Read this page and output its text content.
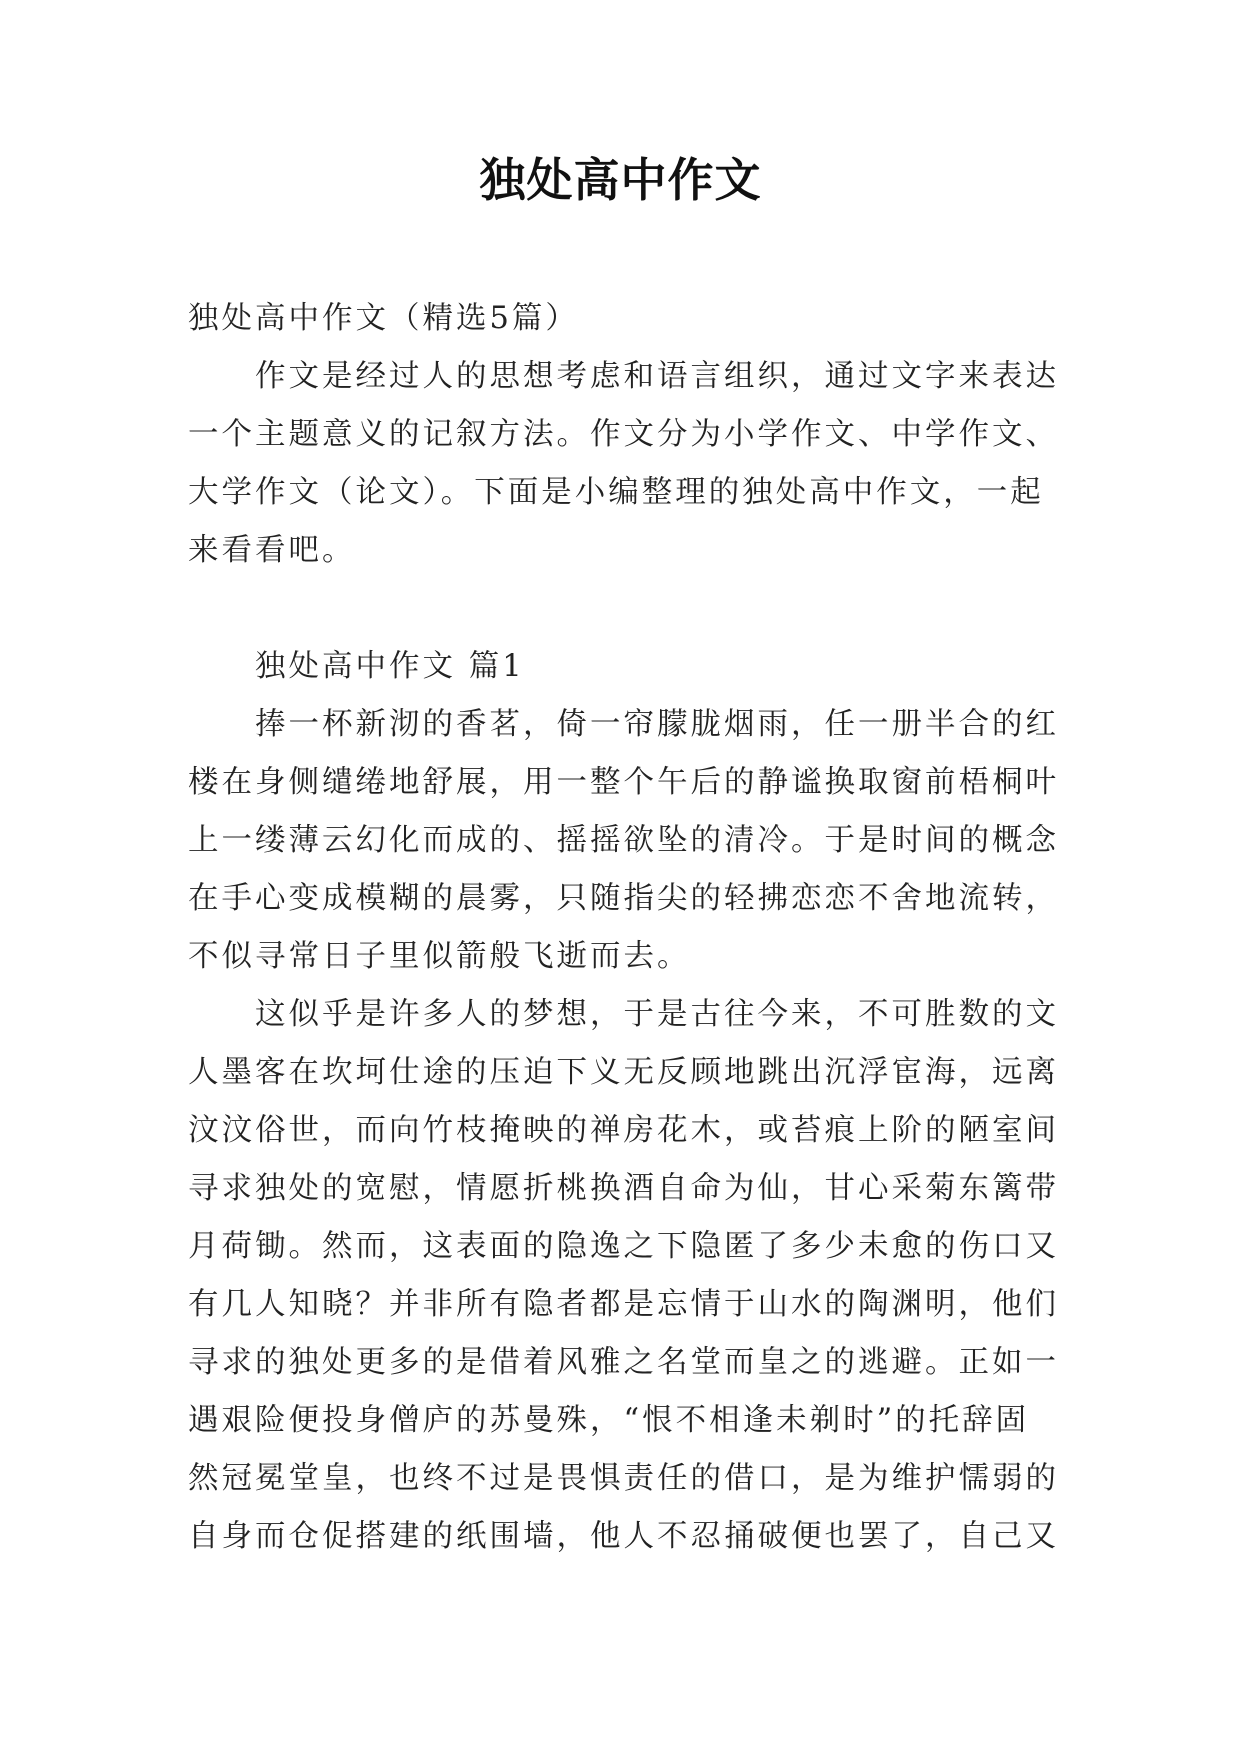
独处高中作文
独处高中作文（精选5篇）
　　作文是经过人的思想考虑和语言组织，通过文字来表达
一个主题意义的记叙方法。作文分为小学作文、中学作文、
大学作文（论文）。下面是小编整理的独处高中作文，一起
来看看吧。
　　独处高中作文 篇1
　　捧一杯新沏的香茗，倚一帘朦胧烟雨，任一册半合的红
楼在身侧缱绻地舒展，用一整个午后的静谧换取窗前梧桐叶
上一缕薄云幻化而成的、摇摇欲坠的清冷。于是时间的概念
在手心变成模糊的晨雾，只随指尖的轻拂恋恋不舍地流转，
不似寻常日子里似箭般飞逝而去。
　　这似乎是许多人的梦想，于是古往今来，不可胜数的文
人墨客在坎坷仕途的压迫下义无反顾地跳出沉浮宦海，远离
汶汶俗世，而向竹枝掩映的禅房花木，或苔痕上阶的陋室间
寻求独处的宽慰，情愿折桃换酒自命为仙，甘心采菊东篱带
月荷锄。然而，这表面的隐逸之下隐匿了多少未愈的伤口又
有几人知晓？并非所有隐者都是忘情于山水的陶渊明，他们
寻求的独处更多的是借着风雅之名堂而皇之的逃避。正如一
遇艰险便投身僧庐的苏曼殊，“恨不相逢未剃时”的托辞固
然冠冕堂皇，也终不过是畏惧责任的借口，是为维护懦弱的
自身而仓促搭建的纸围墙，他人不忍捅破便也罢了，自己又
